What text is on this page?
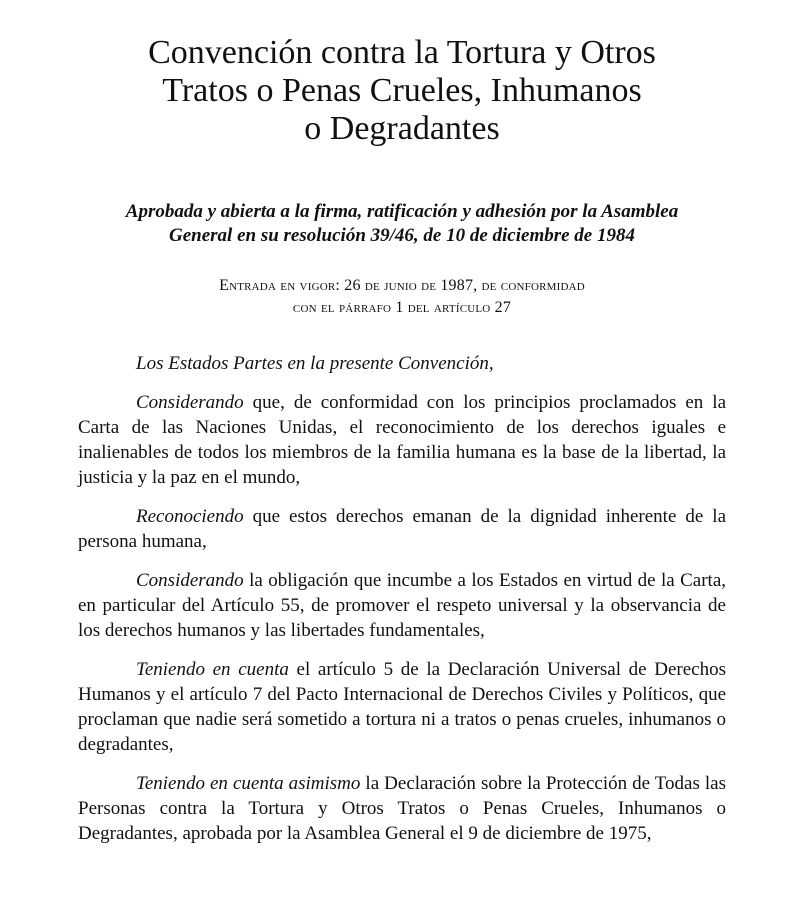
Convención contra la Tortura y Otros
Tratos o Penas Crueles, Inhumanos
o Degradantes

Aprobada y abierta a la firma, ratificación y adhesión por la Asamblea
General en su resolución 39/46, de 10 de diciembre de 1984

Entrada en vigor: 26 de junio de 1987, de conformidad
con el párrafo 1 del artículo 27

Los Estados Partes en la presente Convención,

Considerando que, de conformidad con los principios proclamados en la Carta de las Naciones Unidas, el reconocimiento de los derechos iguales e inalienables de todos los miembros de la familia humana es la base de la libertad, la justicia y la paz en el mundo,

Reconociendo que estos derechos emanan de la dignidad inherente de la persona humana,

Considerando la obligación que incumbe a los Estados en virtud de la Carta, en particular del Artículo 55, de promover el respeto universal y la observancia de los derechos humanos y las libertades fundamentales,

Teniendo en cuenta el artículo 5 de la Declaración Universal de Derechos Humanos y el artículo 7 del Pacto Internacional de Derechos Civiles y Políticos, que proclaman que nadie será sometido a tortura ni a tratos o penas crueles, inhumanos o degradantes,

Teniendo en cuenta asimismo la Declaración sobre la Protección de Todas las Personas contra la Tortura y Otros Tratos o Penas Crueles, Inhumanos o Degradantes, aprobada por la Asamblea General el 9 de diciembre de 1975,
